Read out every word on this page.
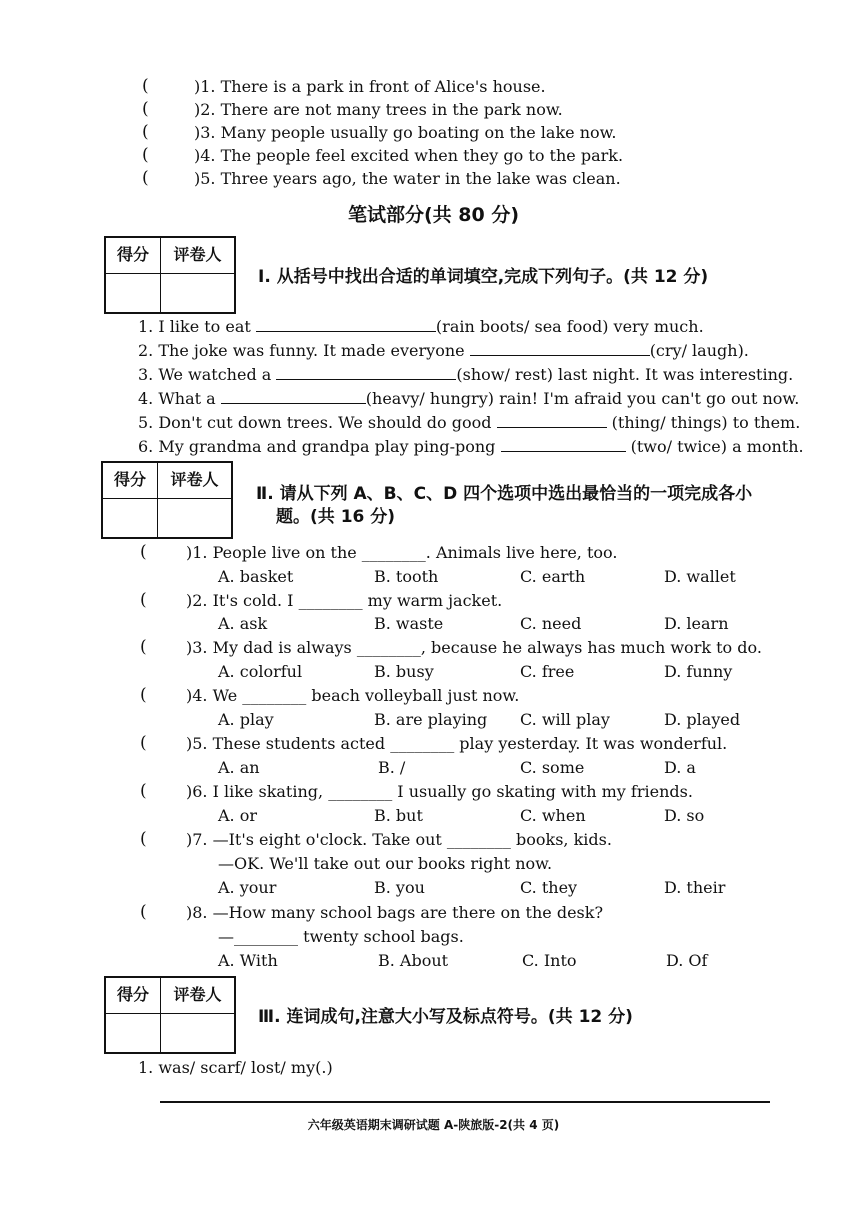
(	)1. There is a park in front of Alice's house.
(	)2. There are not many trees in the park now.
(	)3. Many people usually go boating on the lake now.
(	)4. The people feel excited when they go to the park.
(	)5. Three years ago, the water in the lake was clean.
笔试部分(共 80 分)
得分	评卷人
Ⅰ. 从括号中找出合适的单词填空,完成下列句子。(共 12 分)
1. I like to eat	(rain boots/ sea food) very much.
2. The joke was funny. It made everyone	(cry/ laugh).
3. We watched a	(show/ rest) last night. It was interesting.
4. What a	(heavy/ hungry) rain! I'm afraid you can't go out now.
5. Don't cut down trees. We should do good	(thing/ things) to them.
6. My grandma and grandpa play ping-pong	(two/ twice) a month.
得分	评卷人
Ⅱ. 请从下列 A、B、C、D 四个选项中选出最恰当的一项完成各小
题。(共 16 分)
( )1. People live on the ________. Animals live here, too.
A. basket	B. tooth	C. earth	D. wallet
( )2. It's cold. I ________ my warm jacket.
A. ask	B. waste	C. need	D. learn
( )3. My dad is always ________, because he always has much work to do.
A. colorful	B. busy	C. free	D. funny
( )4. We ________ beach volleyball just now.
A. play	B. are playing C. will play	D. played
( )5. These students acted ________ play yesterday. It was wonderful.
A. an	B. /	C. some	D. a
( )6. I like skating, ________ I usually go skating with my friends.
A. or	B. but	C. when	D. so
( )7. —It's eight o'clock. Take out ________ books, kids.
—OK. We'll take out our books right now.
A. your	B. you	C. they	D. their
( )8. —How many school bags are there on the desk?
—________ twenty school bags.
A. With	B. About	C. Into	D. Of
得分	评卷人
Ⅲ. 连词成句,注意大小写及标点符号。(共 12 分)
1. was/ scarf/ lost/ my(.)
六年级英语期末调研试题 A-陕旅版-2(共 4 页)
